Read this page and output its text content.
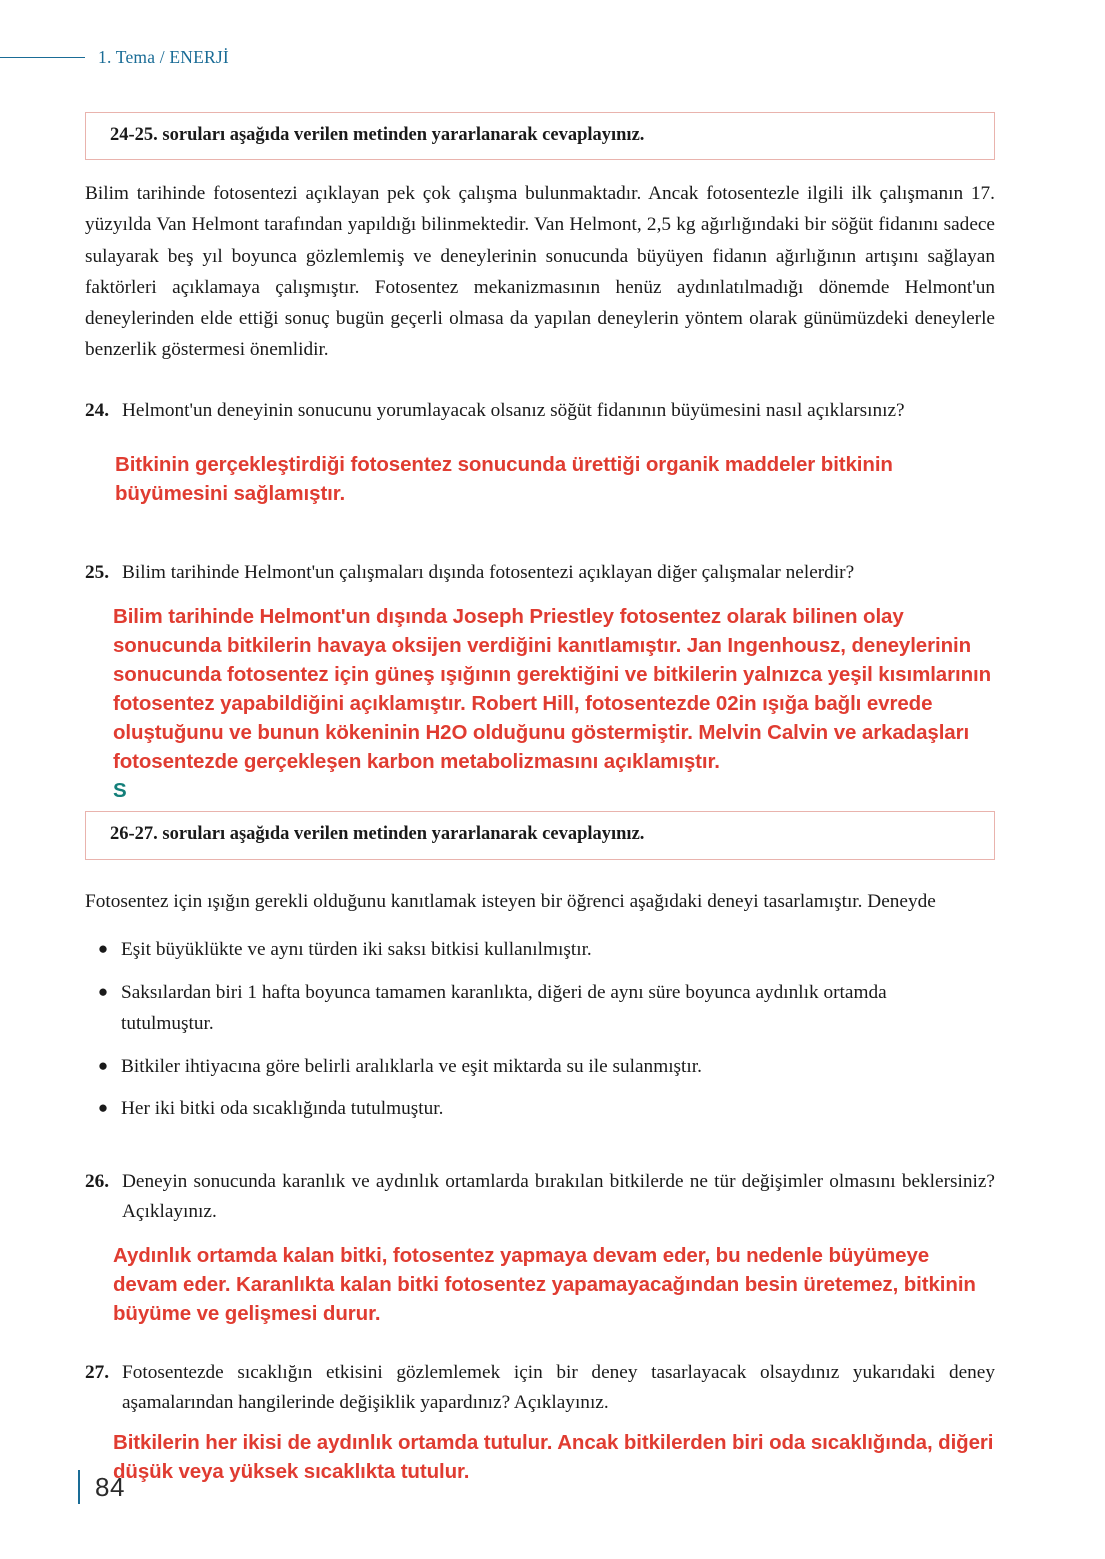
1. Tema / ENERJİ
24-25. soruları aşağıda verilen metinden yararlanarak cevaplayınız.

Bilim tarihinde fotosentezi açıklayan pek çok çalışma bulunmaktadır. Ancak fotosentezle ilgili ilk çalışmanın 17. yüzyılda Van Helmont tarafından yapıldığı bilinmektedir. Van Helmont, 2,5 kg ağırlığındaki bir söğüt fidanını sadece sulayarak beş yıl boyunca gözlemlemiş ve deneylerinin sonucunda büyüyen fidanın ağırlığının artışını sağlayan faktörleri açıklamaya çalışmıştır. Fotosentez mekanizmasının henüz aydınlatılmadığı dönemde Helmont'un deneylerinden elde ettiği sonuç bugün geçerli olmasa da yapılan deneylerin yöntem olarak günümüzdeki deneylerle benzerlik göstermesi önemlidir.

24. Helmont'un deneyinin sonucunu yorumlayacak olsanız söğüt fidanının büyümesini nasıl açıklarsınız?
Bitkinin gerçekleştirdiği fotosentez sonucunda ürettiği organik maddeler bitkinin büyümesini sağlamıştır.
25. Bilim tarihinde Helmont'un çalışmaları dışında fotosentezi açıklayan diğer çalışmalar nelerdir?
Bilim tarihinde Helmont'un dışında Joseph Priestley fotosentez olarak bilinen olay sonucunda bitkilerin havaya oksijen verdiğini kanıtlamıştır. Jan Ingenhousz, deneylerinin sonucunda fotosentez için güneş ışığının gerektiğini ve bitkilerin yalnızca yeşil kısımlarının fotosentez yapabildiğini açıklamıştır. Robert Hill, fotosentezde 02in ışığa bağlı evrede oluştuğunu ve bunun kökeninin H2O olduğunu göstermiştir. Melvin Calvin ve arkadaşları fotosentezde gerçekleşen karbon metabolizmasını açıklamıştır.
S
26-27. soruları aşağıda verilen metinden yararlanarak cevaplayınız.

Fotosentez için ışığın gerekli olduğunu kanıtlamak isteyen bir öğrenci aşağıdaki deneyi tasarlamıştır. Deneyde

● Eşit büyüklükte ve aynı türden iki saksı bitkisi kullanılmıştır.
● Saksılardan biri 1 hafta boyunca tamamen karanlıkta, diğeri de aynı süre boyunca aydınlık ortamda tutulmuştur.
● Bitkiler ihtiyacına göre belirli aralıklarla ve eşit miktarda su ile sulanmıştır.
● Her iki bitki oda sıcaklığında tutulmuştur.
26. Deneyin sonucunda karanlık ve aydınlık ortamlarda bırakılan bitkilerde ne tür değişimler olmasını beklersiniz? Açıklayınız.
Aydınlık ortamda kalan bitki, fotosentez yapmaya devam eder, bu nedenle büyümeye devam eder. Karanlıkta kalan bitki fotosentez yapamayacağından besin üretemez, bitkinin büyüme ve gelişmesi durur.
27. Fotosentezde sıcaklığın etkisini gözlemlemek için bir deney tasarlayacak olsaydınız yukarıdaki deney aşamalarından hangilerinde değişiklik yapardınız? Açıklayınız.
Bitkilerin her ikisi de aydınlık ortamda tutulur. Ancak bitkilerden biri oda sıcaklığında, diğeri düşük veya yüksek sıcaklıkta tutulur.
84
